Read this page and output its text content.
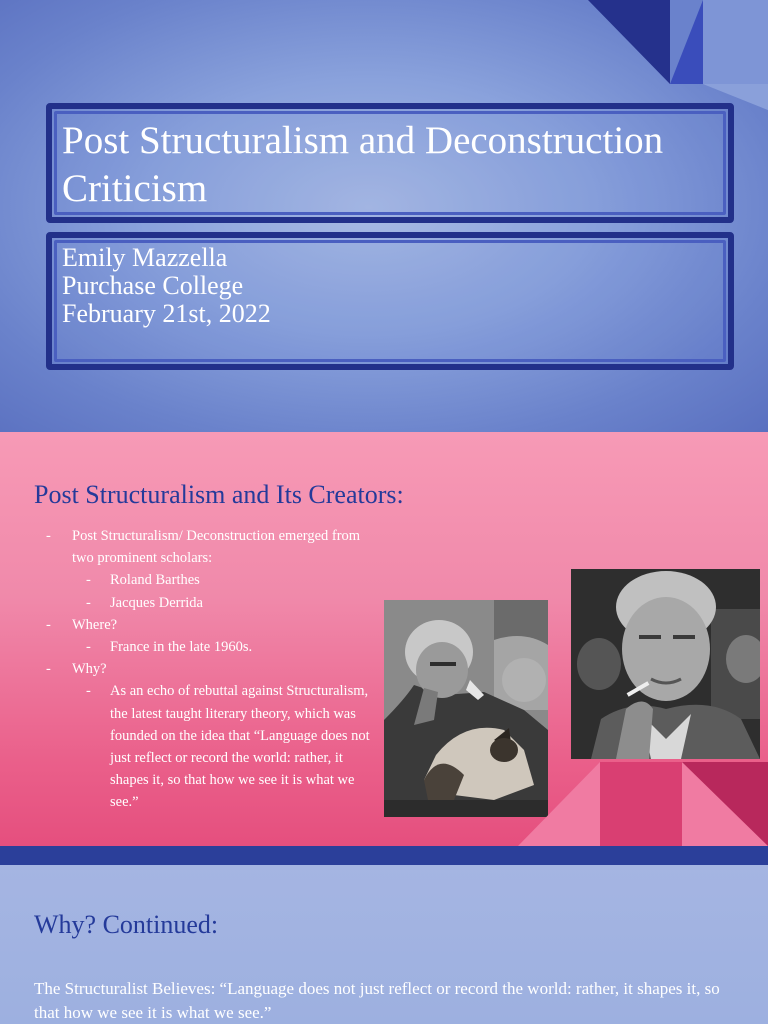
Post Structuralism and Deconstruction Criticism
Emily Mazzella
Purchase College
February 21st, 2022
Post Structuralism and Its Creators:
- Post Structuralism/ Deconstruction emerged from two prominent scholars:
- Roland Barthes
- Jacques Derrida
- Where?
- France in the late 1960s.
- Why?
- As an echo of rebuttal against Structuralism, the latest taught literary theory, which was founded on the idea that “Language does not just reflect or record the world: rather, it shapes it, so that how we see it is what we see.”
Why? Continued:
The Structuralist Believes: “Language does not just reflect or record the world: rather, it shapes it, so that how we see it is what we see.”
